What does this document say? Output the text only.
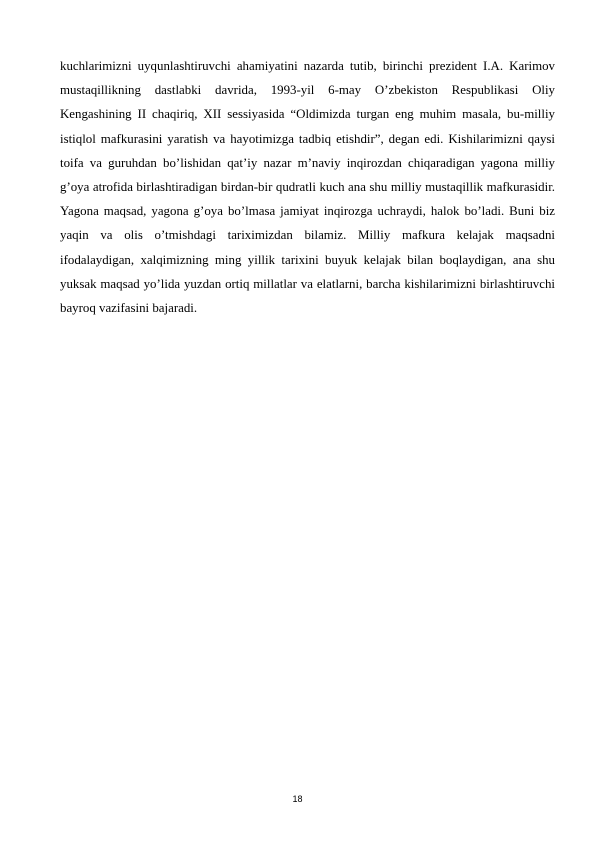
kuchlarimizni uyqunlashtiruvchi ahamiyatini nazarda tutib, birinchi prezident I.A. Karimov mustaqillikning dastlabki davrida, 1993-yil 6-may O’zbekiston Respublikasi Oliy Kengashining II chaqiriq, XII sessiyasida “Oldimizda turgan eng muhim masala, bu-milliy istiqlol mafkurasini yaratish va hayotimizga tadbiq etishdir”, degan edi. Kishilarimizni qaysi toifa va guruhdan bo’lishidan qat’iy nazar m’naviy inqirozdan chiqaradigan yagona milliy g’oya atrofida birlashtiradigan birdan-bir qudratli kuch ana shu milliy mustaqillik mafkurasidir. Yagona maqsad, yagona g’oya bo’lmasa jamiyat inqirozga uchraydi, halok bo’ladi. Buni biz yaqin va olis o’tmishdagi tariximizdan bilamiz. Milliy mafkura kelajak maqsadni ifodalaydigan, xalqimizning ming yillik tarixini buyuk kelajak bilan boqlaydigan, ana shu yuksak maqsad yo’lida yuzdan ortiq millatlar va elatlarni, barcha kishilarimizni birlashtiruvchi bayroq vazifasini bajaradi.

18
